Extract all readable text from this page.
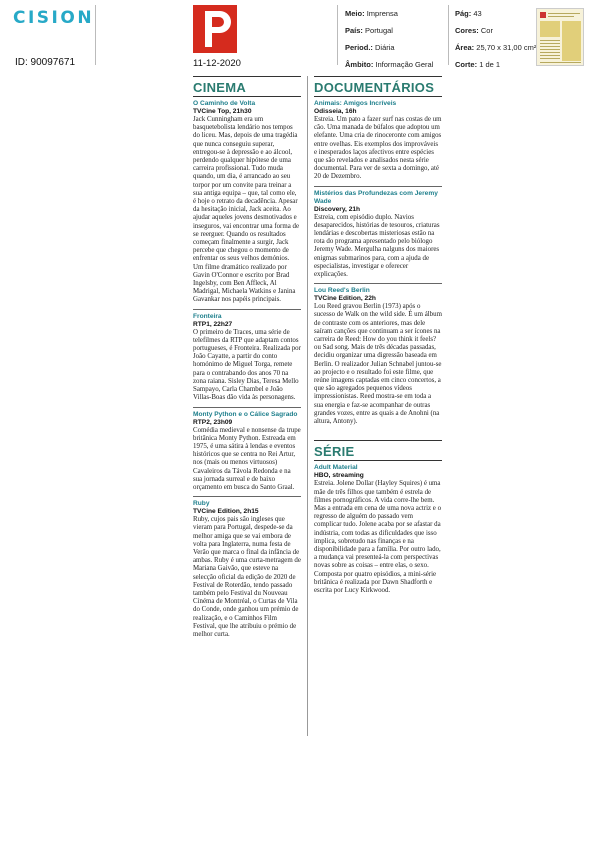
CISION
ID: 90097671	11-12-2020
Meio: Imprensa
País: Portugal
Period.: Diária
Âmbito: Informação Geral
Pág: 43
Cores: Cor
Área: 25,70 x 31,00 cm²
Corte: 1 de 1
CINEMA
O Caminho de Volta
TVCine Top, 21h30
Jack Cunningham era um basquetebolista lendário nos tempos do liceu. Mas, depois de uma tragédia que nunca conseguiu superar, entregou-se à depressão e ao álcool, perdendo qualquer hipótese de uma carreira profissional. Tudo muda quando, um dia, é arrancado ao seu torpor por um convite para treinar a sua antiga equipa – que, tal como ele, é hoje o retrato da decadência. Apesar da hesitação inicial, Jack aceita. Ao ajudar aqueles jovens desmotivados e inseguros, vai encontrar uma forma de se reerguer. Quando os resultados começam finalmente a surgir, Jack percebe que chegou o momento de enfrentar os seus velhos demónios. Um filme dramático realizado por Gavin O'Connor e escrito por Brad Ingelsby, com Ben Affleck, Al Madrigal, Michaela Watkins e Janina Gavankar nos papéis principais.
Fronteira
RTP1, 22h27
O primeiro de Traces, uma série de telefilmes da RTP que adaptam contos portugueses, é Fronteira. Realizada por João Cayatte, a partir do conto homónimo de Miguel Torga, remete para o contrabando dos anos 70 na zona raiana. Sisley Dias, Teresa Mello Sampayo, Carla Chambel e João Villas-Boas dão vida às personagens.
Monty Python e o Cálice Sagrado
RTP2, 23h09
Comédia medieval e nonsense da trupe britânica Monty Python. Estreada em 1975, é uma sátira à lendas e eventos históricos que se centra no Rei Artur, nos (mais ou menos virtuosos) Cavaleiros da Távola Redonda e na sua jornada surreal e de baixo orçamento em busca do Santo Graal.
Ruby
TVCine Edition, 2h15
Ruby, cujos pais são ingleses que vieram para Portugal, despede-se da melhor amiga que se vai embora de volta para Inglaterra, numa festa de Verão que marca o final da infância de ambas. Ruby é uma curta-metragem de Mariana Gaivão, que esteve na selecção oficial da edição de 2020 de Festival de Roterdão, tendo passado também pelo Festival du Nouveau Cinéma de Montréal, o Curtas de Vila do Conde, onde ganhou um prémio de realização, e o Caminhos Film Festival, que lhe atribuiu o prémio de melhor curta.
DOCUMENTÁRIOS
Animais: Amigos Incríveis
Odisseia, 16h
Estreia. Um pato a fazer surf nas costas de um cão. Uma manada de búfalos que adoptou um elefante. Uma cria de rinoceronte com amigos entre ovelhas. Eis exemplos dos improváveis e inesperados laços afectivos entre espécies que são revelados e analisados nesta série documental. Para ver de sexta a domingo, até 20 de Dezembro.
Mistérios das Profundezas com Jeremy Wade
Discovery, 21h
Estreia, com episódio duplo. Navios desaparecidos, histórias de tesouros, criaturas lendárias e descobertas misteriosas estão na rota do programa apresentado pelo biólogo Jeremy Wade. Mergulha nalguns dos maiores enigmas submarinos para, com a ajuda de especialistas, investigar e oferecer explicações.
Lou Reed's Berlin
TVCine Edition, 22h
Lou Reed gravou Berlin (1973) após o sucesso de Walk on the wild side. É um álbum de contraste com os anteriores, mas dele saíram canções que continuam a ser ícones na carreira de Reed: How do you think it feels? ou Sad song. Mais de três décadas passadas, decidiu organizar uma digressão baseada em Berlin. O realizador Julian Schnabel juntou-se ao projecto e o resultado foi este filme, que reúne imagens captadas em cinco concertos, a que são agregados pequenos vídeos impressionistas. Reed mostra-se em toda a sua energia e faz-se acompanhar de outras grandes vozes, entre as quais a de Anohni (na altura, Antony).
SÉRIE
Adult Material
HBO, streaming
Estreia. Jolene Dollar (Hayley Squires) é uma mãe de três filhos que também é estrela de filmes pornográficos. A vida corre-lhe bem. Mas a entrada em cena de uma nova actriz e o regresso de alguém do passado vem complicar tudo. Jolene acaba por se afastar da indústria, com todas as dificuldades que isso implica, sobretudo nas finanças e na disponibilidade para a família. Por outro lado, a mudança vai presenteá-la com perspectivas novas sobre as coisas – entre elas, o sexo. Composta por quatro episódios, a mini-série britânica é realizada por Dawn Shadforth e escrita por Lucy Kirkwood.
